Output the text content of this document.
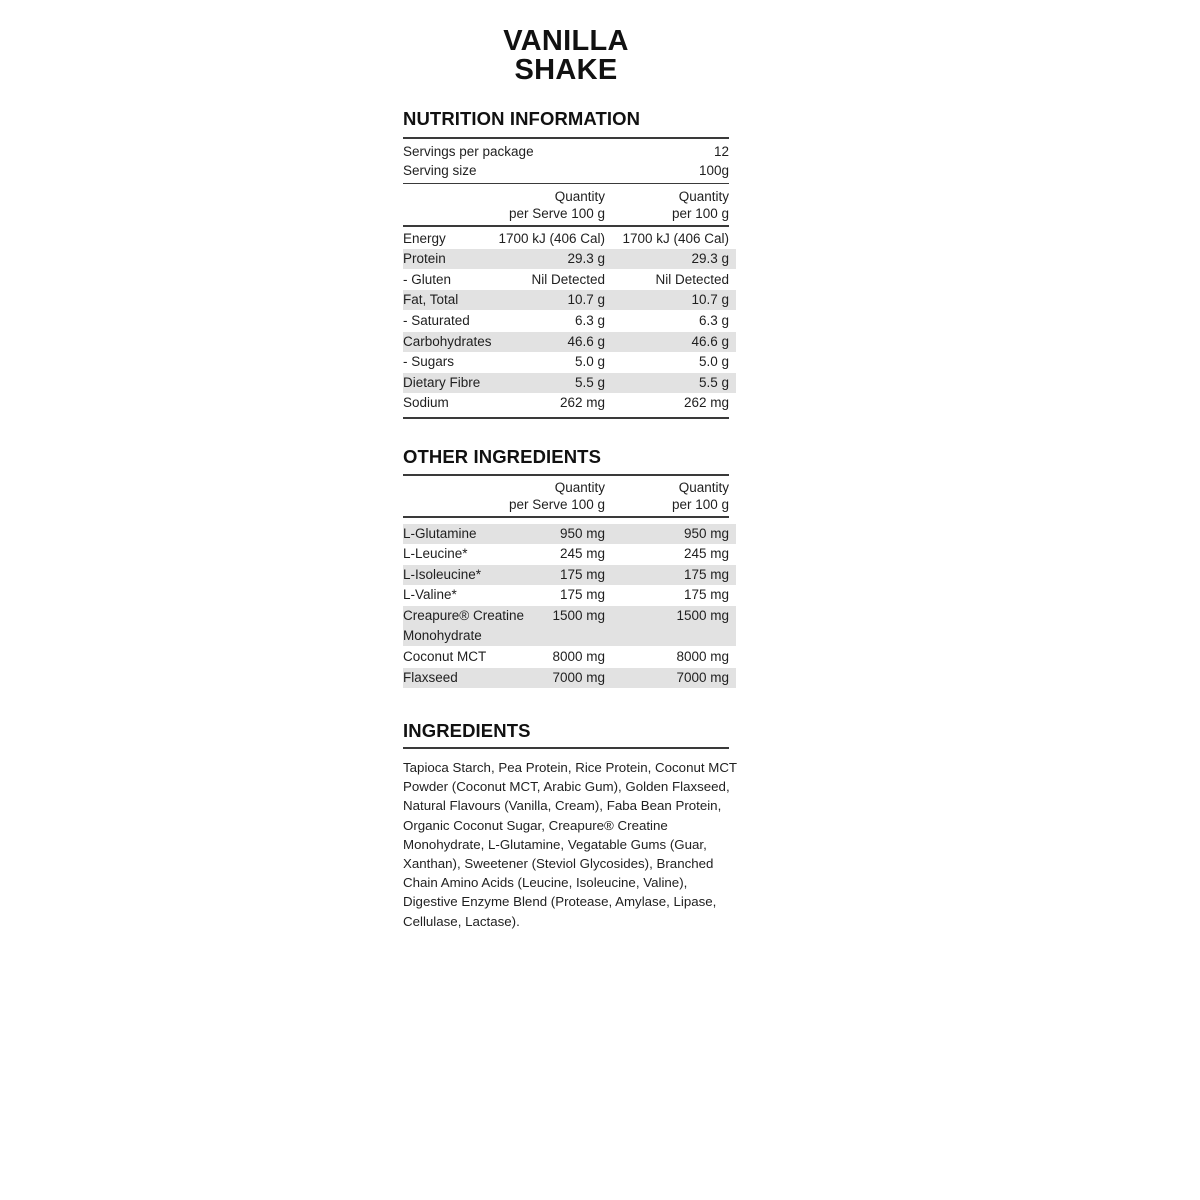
VANILLA
SHAKE
NUTRITION INFORMATION
Servings per package	12
Serving size	100g
Quantity
per Serve 100 g
Quantity
per 100 g
Energy	1700 kJ (406 Cal) 1700 kJ (406 Cal)
Protein	29.3 g	29.3 g
- Gluten	Nil Detected	Nil Detected
Fat, Total	10.7 g	10.7 g
- Saturated	6.3 g	6.3 g
Carbohydrates	46.6 g	46.6 g
- Sugars	5.0 g	5.0 g
Dietary Fibre	5.5 g	5.5 g
Sodium	262 mg	262 mg
OTHER INGREDIENTS
Quantity
per Serve 100 g
Quantity
per 100 g
L-Glutamine	950 mg	950 mg
L-Leucine*	245 mg	245 mg
L-Isoleucine*	175 mg	175 mg
L-Valine*	175 mg	175 mg
Creapure® Creatine Monohydrate
1500 mg	1500 mg
Coconut MCT	8000 mg	8000 mg
Flaxseed	7000 mg	7000 mg
INGREDIENTS
Tapioca Starch, Pea Protein, Rice Protein, Coconut MCT Powder (Coconut MCT, Arabic Gum), Golden Flaxseed, Natural Flavours (Vanilla, Cream), Faba Bean Protein, Organic Coconut Sugar, Creapure® Creatine Monohydrate, L-Glutamine, Vegatable Gums (Guar, Xanthan), Sweetener (Steviol Glycosides), Branched Chain Amino Acids (Leucine, Isoleucine, Valine), Digestive Enzyme Blend (Protease, Amylase, Lipase, Cellulase, Lactase).
